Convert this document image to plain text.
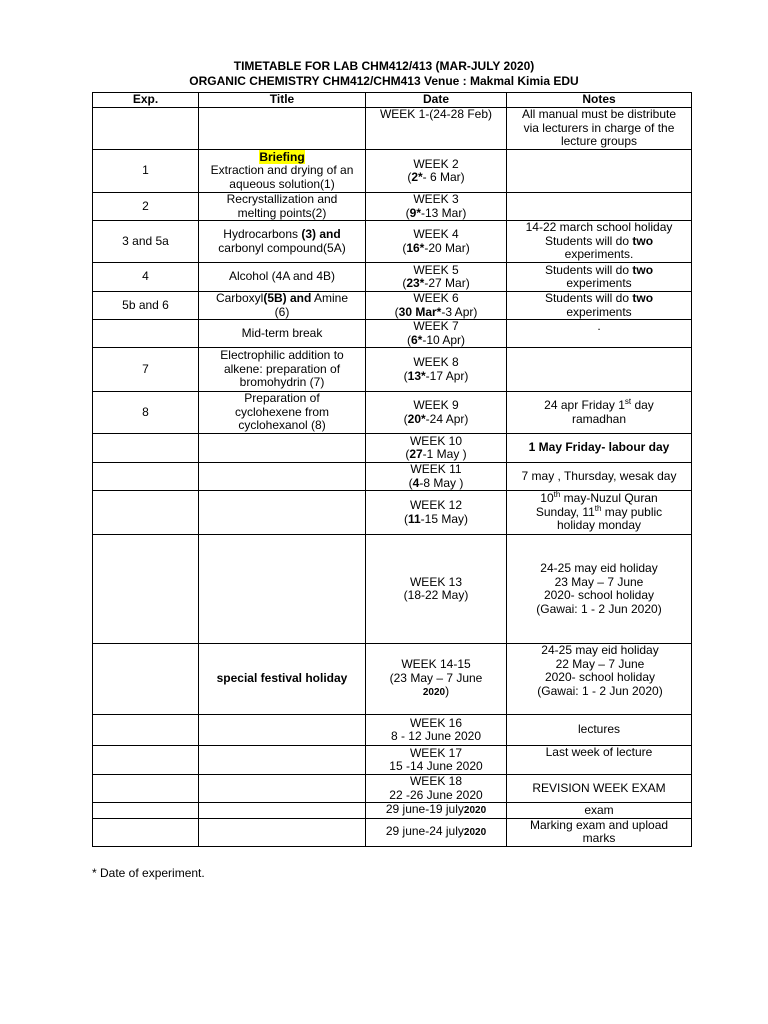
TIMETABLE FOR LAB CHM412/413 (MAR-JULY 2020)
ORGANIC CHEMISTRY CHM412/CHM413 Venue : Makmal Kimia EDU
Exp.	Title	Date	Notes

		WEEK 1-(24-28 Feb)	All manual must be distribute
via lecturers in charge of the
lecture groups

1	Briefing
Extraction and drying of an
aqueous solution(1)	WEEK 2
(2*- 6 Mar)	

2	Recrystallization and
melting points(2)	WEEK 3
(9*-13 Mar)	

3 and 5a	Hydrocarbons (3) and
carbonyl compound(5A)	WEEK 4
(16*-20 Mar)	14-22 march school holiday
Students will do two
experiments.

4	Alcohol (4A and 4B)	WEEK 5
(23*-27 Mar)	Students will do two
experiments

5b and 6	Carboxyl(5B) and Amine
(6)	WEEK 6
(30 Mar*-3 Apr)	Students will do two
experiments

	Mid-term break	WEEK 7
(6*-10 Apr)	.
7	Electrophilic addition to
alkene: preparation of
bromohydrin (7)	WEEK 8
(13*-17 Apr)	

8	Preparation of
cyclohexene from
cyclohexanol (8)	WEEK 9
(20*-24 Apr)	24 apr Friday 1st day
ramadhan

		WEEK 10
(27-1 May )	1 May Friday- labour day

		WEEK 11
(4-8 May )	7 may , Thursday, wesak day

		WEEK 12
(11-15 May)	10th may-Nuzul Quran
Sunday, 11th may public
holiday monday

		WEEK 13
(18-22 May)	24-25 may eid holiday
23 May – 7 June
2020- school holiday
(Gawai: 1 - 2 Jun 2020)

	special festival holiday	WEEK 14-15
(23 May – 7 June
2020)	24-25 may eid holiday
22 May – 7 June
2020- school holiday
(Gawai: 1 - 2 Jun 2020)

		WEEK 16
8 - 12 June 2020	lectures

		WEEK 17
15 -14 June 2020	Last week of lecture

		WEEK 18
22 -26 June 2020	REVISION WEEK EXAM
		29 june-19 july2020	exam
		29 june-24 july2020	Marking exam and upload
marks
* Date of experiment.
